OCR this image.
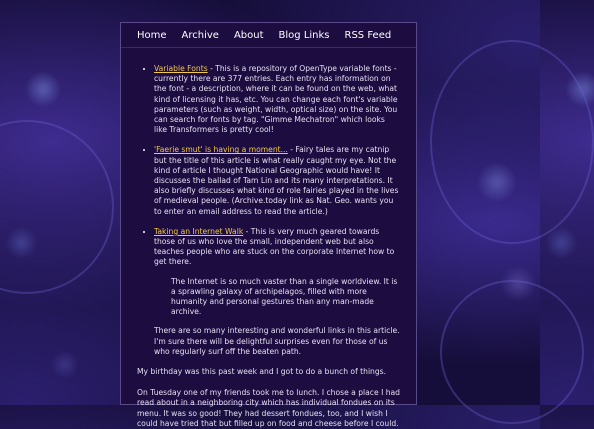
Home Archive About Blog Links RSS Feed
• Variable Fonts - This is a repository of OpenType variable fonts - currently there are 377 entries. Each entry has information on the font - a description, where it can be found on the web, what kind of licensing it has, etc. You can change each font's variable parameters (such as weight, width, optical size) on the site. You can search for fonts by tag. "Gimme Mechatron" which looks like Transformers is pretty cool!
• 'Faerie smut' is having a moment... - Fairy tales are my catnip but the title of this article is what really caught my eye. Not the kind of article I thought National Geographic would have! It discusses the ballad of Tam Lin and its many interpretations. It also briefly discusses what kind of role fairies played in the lives of medieval people. (Archive.today link as Nat. Geo. wants you to enter an email address to read the article.)
• Taking an Internet Walk - This is very much geared towards those of us who love the small, independent web but also teaches people who are stuck on the corporate Internet how to get there.

The Internet is so much vaster than a single worldview. It is a sprawling galaxy of archipelagos, filled with more humanity and personal gestures than any man-made archive.

There are so many interesting and wonderful links in this article. I'm sure there will be delightful surprises even for those of us who regularly surf off the beaten path.

My birthday was this past week and I got to do a bunch of things.

On Tuesday one of my friends took me to lunch. I chose a place I had read about in a neighboring city which has individual fondues on its menu. It was so good! They had dessert fondues, too, and I wish I could have tried that but filled up on food and cheese before I could.
